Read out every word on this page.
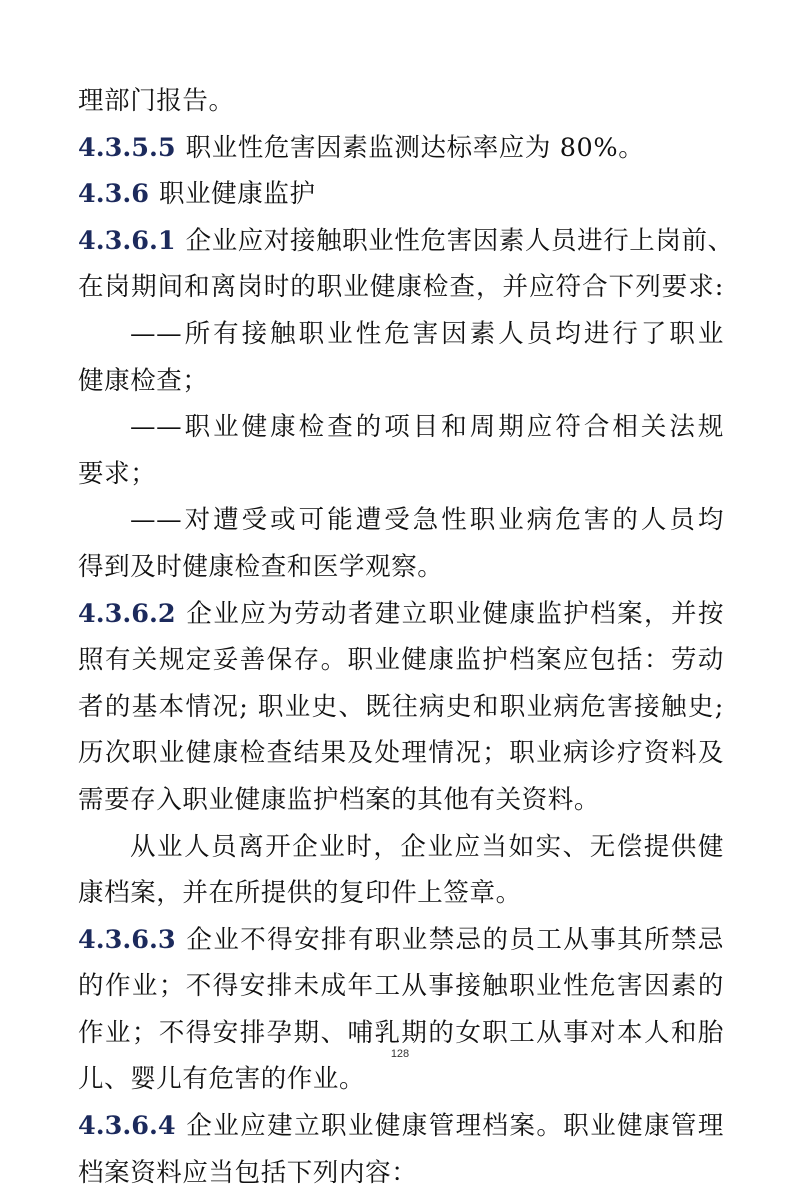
理部门报告。
4.3.5.5 职业性危害因素监测达标率应为 80%。
4.3.6 职业健康监护
4.3.6.1 企业应对接触职业性危害因素人员进行上岗前、
在岗期间和离岗时的职业健康检查，并应符合下列要求:
——所有接触职业性危害因素人员均进行了职业
健康检查；
——职业健康检查的项目和周期应符合相关法规
要求；
——对遭受或可能遭受急性职业病危害的人员均
得到及时健康检查和医学观察。
4.3.6.2 企业应为劳动者建立职业健康监护档案，并按
照有关规定妥善保存。职业健康监护档案应包括：劳动
者的基本情况; 职业史、既往病史和职业病危害接触史;
历次职业健康检查结果及处理情况；职业病诊疗资料及
需要存入职业健康监护档案的其他有关资料。
从业人员离开企业时，企业应当如实、无偿提供健
康档案，并在所提供的复印件上签章。
4.3.6.3 企业不得安排有职业禁忌的员工从事其所禁忌
的作业；不得安排未成年工从事接触职业性危害因素的
作业；不得安排孕期、哺乳期的女职工从事对本人和胎
儿、婴儿有危害的作业。
4.3.6.4 企业应建立职业健康管理档案。职业健康管理
档案资料应当包括下列内容：
128
